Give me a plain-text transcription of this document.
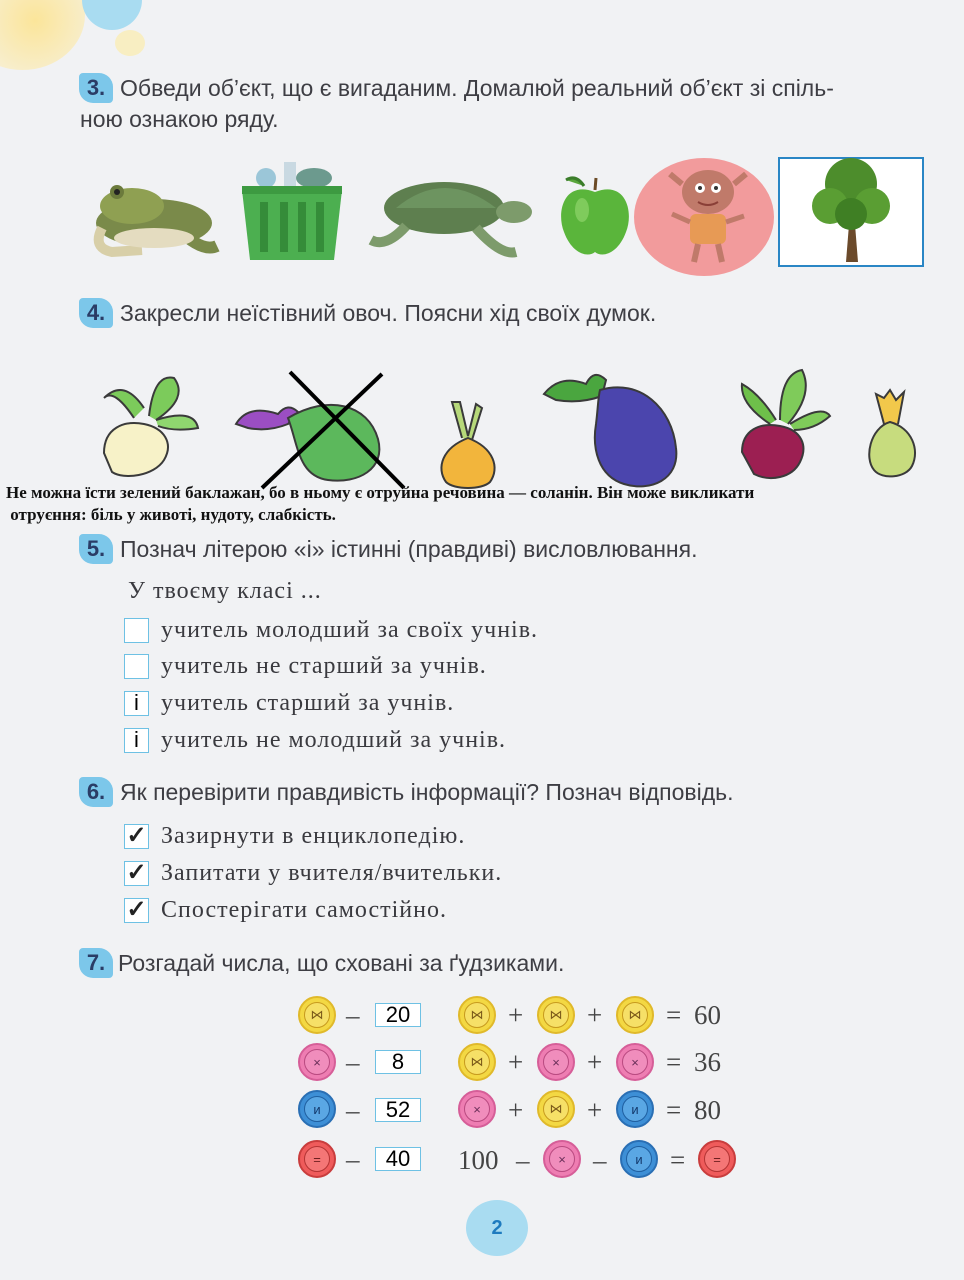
3. Обведи об’єкт, що є вигаданим. Домалюй реальний об’єкт зі спіль-
ною ознакою ряду.
4. Закресли неїстівний овоч. Поясни хід своїх думок.
Не можна їсти зелений баклажан, бо в ньому є отруйна речовина — соланін. Він може викликати
отруєння: біль у животі, нудоту, слабкість.
5. Познач літерою «і» істинні (правдиві) висловлювання.
У твоєму класі ...
учитель молодший за своїх учнів.
учитель не старший за учнів.
і учитель старший за учнів.
і учитель не молодший за учнів.
6. Як перевірити правдивість інформації? Познач відповідь.
✓ Зазирнути в енциклопедію.
✓ Запитати у вчителя/вчительки.
✓ Спостерігати самостійно.
7. Розгадай числа, що сховані за ґудзиками.
⋈ –	20
× –	8
и –	52
= –	40
⋈ +	⋈ +	⋈ = 60
⋈ +	×	+	×	= 36
×	+	⋈ +	и	= 80
100 –	×	–	и	=	=
2
